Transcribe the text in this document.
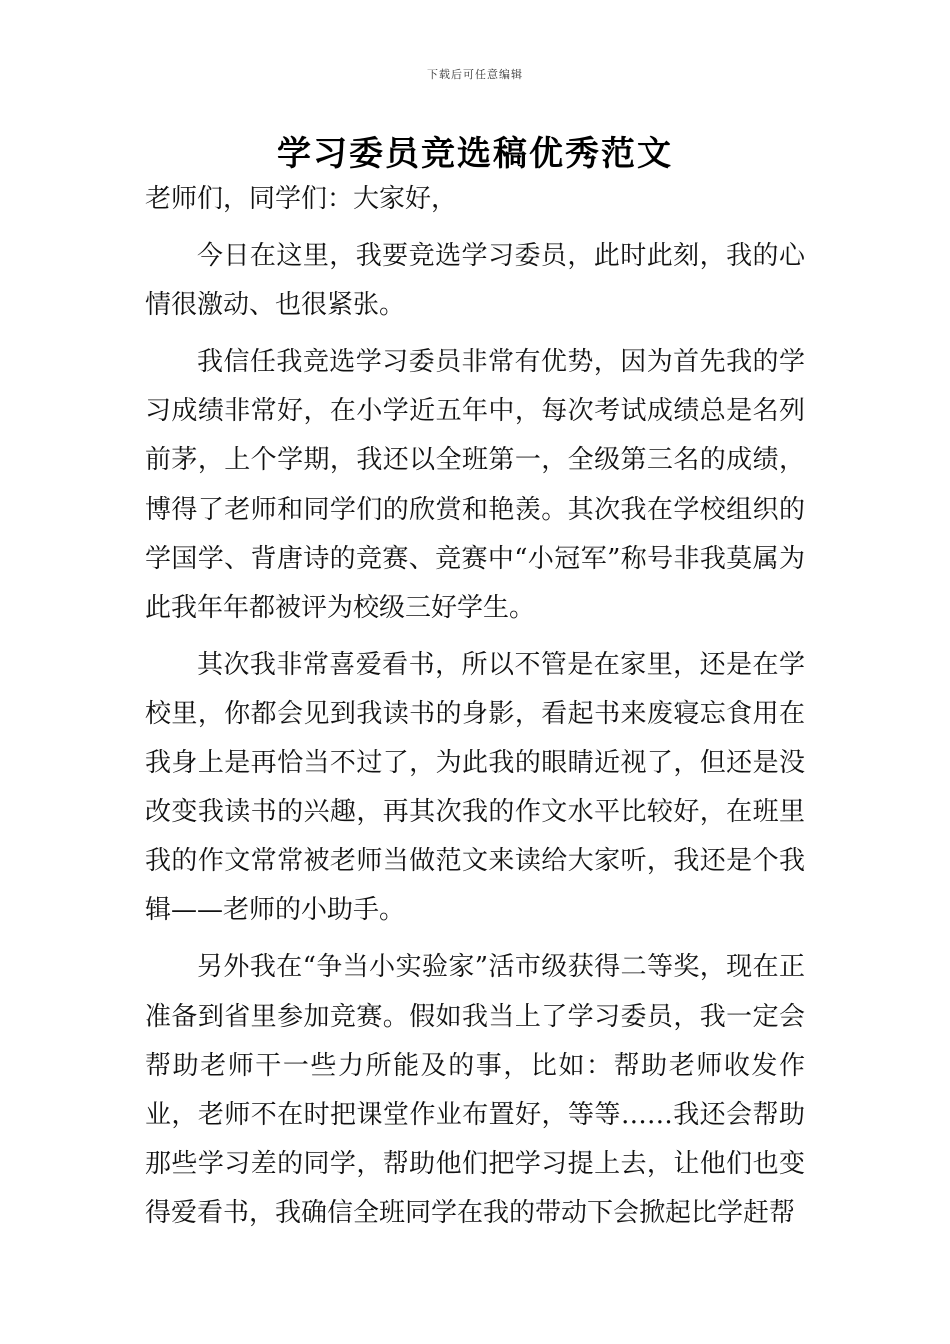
下载后可任意编辑
学习委员竞选稿优秀范文

老师们，同学们：大家好，

今日在这里，我要竞选学习委员，此时此刻，我的心情很激动、也很紧张。

我信任我竞选学习委员非常有优势，因为首先我的学习成绩非常好，在小学近五年中，每次考试成绩总是名列前茅，上个学期，我还以全班第一，全级第三名的成绩，博得了老师和同学们的欣赏和艳羡。其次我在学校组织的学国学、背唐诗的竞赛、竞赛中“小冠军”称号非我莫属为此我年年都被评为校级三好学生。

其次我非常喜爱看书，所以不管是在家里，还是在学校里，你都会见到我读书的身影，看起书来废寝忘食用在我身上是再恰当不过了，为此我的眼睛近视了，但还是没改变我读书的兴趣，再其次我的作文水平比较好，在班里我的作文常常被老师当做范文来读给大家听，我还是个我辑——老师的小助手。

另外我在“争当小实验家”活市级获得二等奖，现在正准备到省里参加竞赛。假如我当上了学习委员，我一定会帮助老师干一些力所能及的事，比如：帮助老师收发作业，老师不在时把课堂作业布置好，等等……我还会帮助那些学习差的同学，帮助他们把学习提上去，让他们也变得爱看书，我确信全班同学在我的带动下会掀起比学赶帮
